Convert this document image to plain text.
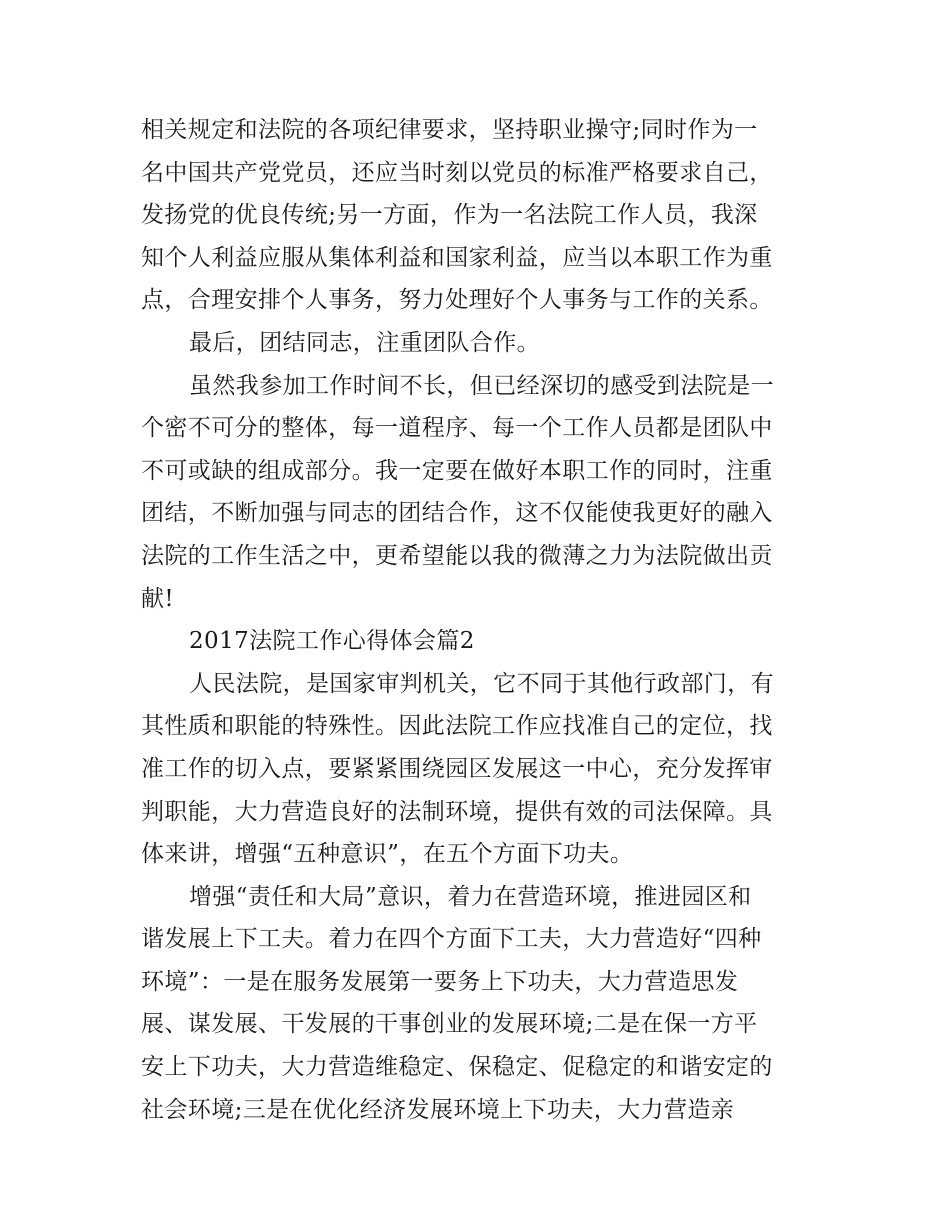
相关规定和法院的各项纪律要求，坚持职业操守;同时作为一
名中国共产党党员，还应当时刻以党员的标准严格要求自己，
发扬党的优良传统;另一方面，作为一名法院工作人员，我深
知个人利益应服从集体利益和国家利益，应当以本职工作为重
点，合理安排个人事务，努力处理好个人事务与工作的关系。
最后，团结同志，注重团队合作。
虽然我参加工作时间不长，但已经深切的感受到法院是一
个密不可分的整体，每一道程序、每一个工作人员都是团队中
不可或缺的组成部分。我一定要在做好本职工作的同时，注重
团结，不断加强与同志的团结合作，这不仅能使我更好的融入
法院的工作生活之中，更希望能以我的微薄之力为法院做出贡
献!
2017法院工作心得体会篇2
人民法院，是国家审判机关，它不同于其他行政部门，有
其性质和职能的特殊性。因此法院工作应找准自己的定位，找
准工作的切入点，要紧紧围绕园区发展这一中心，充分发挥审
判职能，大力营造良好的法制环境，提供有效的司法保障。具
体来讲，增强“五种意识”，在五个方面下功夫。
增强“责任和大局”意识，着力在营造环境，推进园区和
谐发展上下工夫。着力在四个方面下工夫，大力营造好“四种
环境”：一是在服务发展第一要务上下功夫，大力营造思发
展、谋发展、干发展的干事创业的发展环境;二是在保一方平
安上下功夫，大力营造维稳定、保稳定、促稳定的和谐安定的
社会环境;三是在优化经济发展环境上下功夫，大力营造亲
